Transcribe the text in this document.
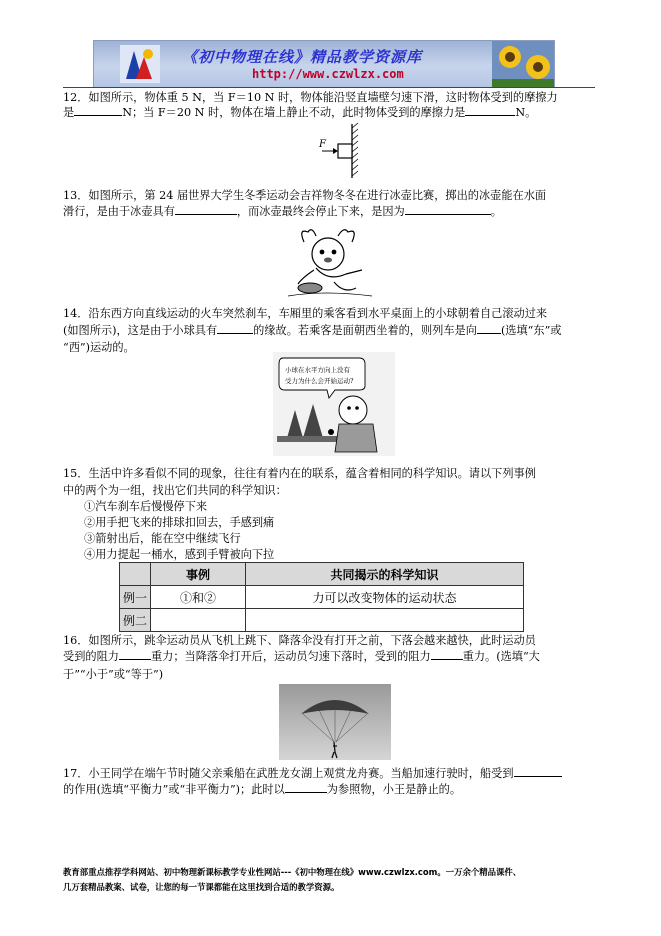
《初中物理在线》精品教学资源库
http://www.czwlzx.com
12．如图所示，物体重 5 N，当 F＝10 N 时，物体能沿竖直墙壁匀速下滑，这时物体受到的摩擦力
是	N；当 F＝20 N 时，物体在墙上静止不动，此时物体受到的摩擦力是	N。
F
13．如图所示，第 24 届世界大学生冬季运动会吉祥物冬冬在进行冰壶比赛，掷出的冰壶能在水面
滑行，是由于冰壶具有	，而冰壶最终会停止下来，是因为	。
14．沿东西方向直线运动的火车突然刹车，车厢里的乘客看到水平桌面上的小球朝着自己滚动过来
(如图所示)，这是由于小球具有	的缘故。若乘客是面朝西坐着的，则列车是向 (选填“东”或
“西”)运动的。
小球在水平方向上没有受力为什么会开始运动?
15．生活中许多看似不同的现象，往往有着内在的联系，蕴含着相同的科学知识。请以下列事例
中的两个为一组，找出它们共同的科学知识：
①汽车刹车后慢慢停下来
②用手把飞来的排球扣回去，手感到痛
③箭射出后，能在空中继续飞行
④用力提起一桶水，感到手臂被向下拉
	事例	共同揭示的科学知识
例一	①和②	力可以改变物体的运动状态
例二		
16．如图所示，跳伞运动员从飞机上跳下、降落伞没有打开之前，下落会越来越快，此时运动员
受到的阻力	重力；当降落伞打开后，运动员匀速下落时，受到的阻力	重力。(选填“大
于”“小于”或“等于”)
17．小王同学在端午节时随父亲乘船在武胜龙女湖上观赏龙舟赛。当船加速行驶时，船受到
的作用(选填“平衡力”或“非平衡力”)；此时以	为参照物，小王是静止的。
教育部重点推荐学科网站、初中物理新课标教学专业性网站---《初中物理在线》www.czwlzx.com。一万余个精品课件、
几万套精品教案、试卷，让您的每一节课都能在这里找到合适的教学资源。
